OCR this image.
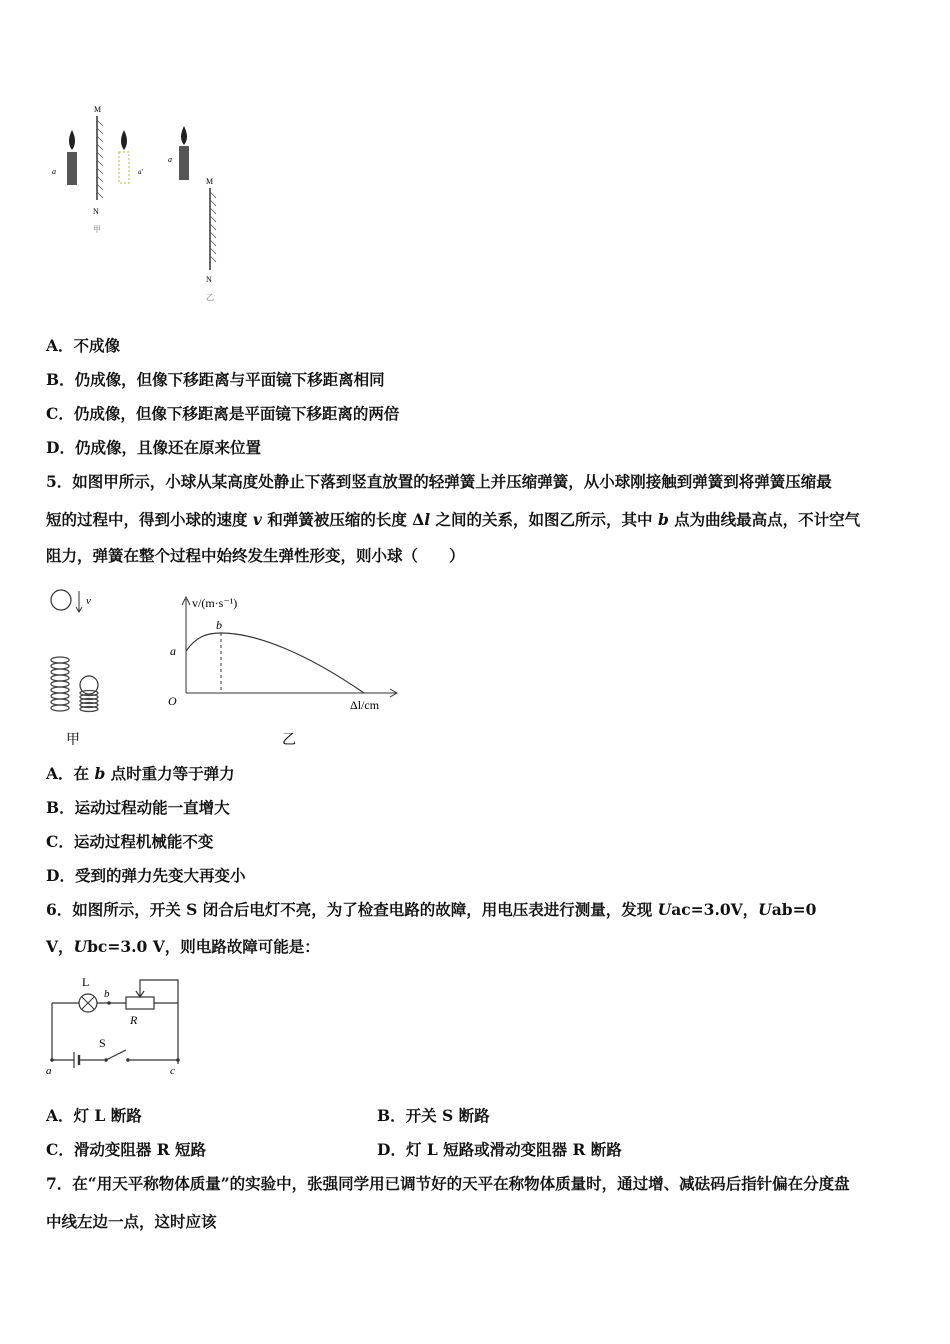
M
N
a	a'
甲
a
M
N
乙
A．不成像
B．仍成像，但像下移距离与平面镜下移距离相同
C．仍成像，但像下移距离是平面镜下移距离的两倍
D．仍成像，且像还在原来位置
5．如图甲所示，小球从某高度处静止下落到竖直放置的轻弹簧上并压缩弹簧，从小球刚接触到弹簧到将弹簧压缩最
短的过程中，得到小球的速度 v 和弹簧被压缩的长度 Δl 之间的关系，如图乙所示，其中 b 点为曲线最高点，不计空气
阻力，弹簧在整个过程中始终发生弹性形变，则小球（　　）
v
甲
v/(m·s⁻¹)
Δl/cm
O
a
b
乙
A．在 b 点时重力等于弹力
B．运动过程动能一直增大
C．运动过程机械能不变
D．受到的弹力先变大再变小
6．如图所示，开关 S 闭合后电灯不亮，为了检查电路的故障，用电压表进行测量，发现 Uac=3.0V，Uab=0
V，Ubc=3.0 V，则电路故障可能是：
L
b
R
S
a	c
A．灯 L 断路	B．开关 S 断路
C．滑动变阻器 R 短路	D．灯 L 短路或滑动变阻器 R 断路
7．在“用天平称物体质量”的实验中，张强同学用已调节好的天平在称物体质量时，通过增、减砝码后指针偏在分度盘
中线左边一点，这时应该
